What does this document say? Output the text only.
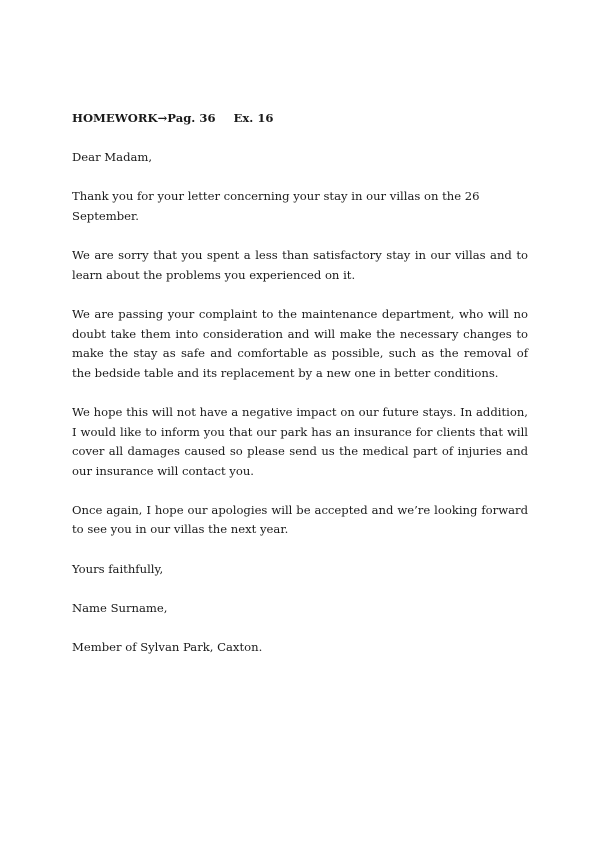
HOMEWORK→Pag. 36 Ex. 16

Dear Madam,

Thank you for your letter concerning your stay in our villas on the 26 September.

We are sorry that you spent a less than satisfactory stay in our villas and to learn about the problems you experienced on it.

We are passing your complaint to the maintenance department, who will no doubt take them into consideration and will make the necessary changes to make the stay as safe and comfortable as possible, such as the removal of the bedside table and its replacement by a new one in better conditions.

We hope this will not have a negative impact on our future stays. In addition, I would like to inform you that our park has an insurance for clients that will cover all damages caused so please send us the medical part of injuries and our insurance will contact you.

Once again, I hope our apologies will be accepted and we’re looking forward to see you in our villas the next year.

Yours faithfully,

Name Surname,

Member of Sylvan Park, Caxton.
